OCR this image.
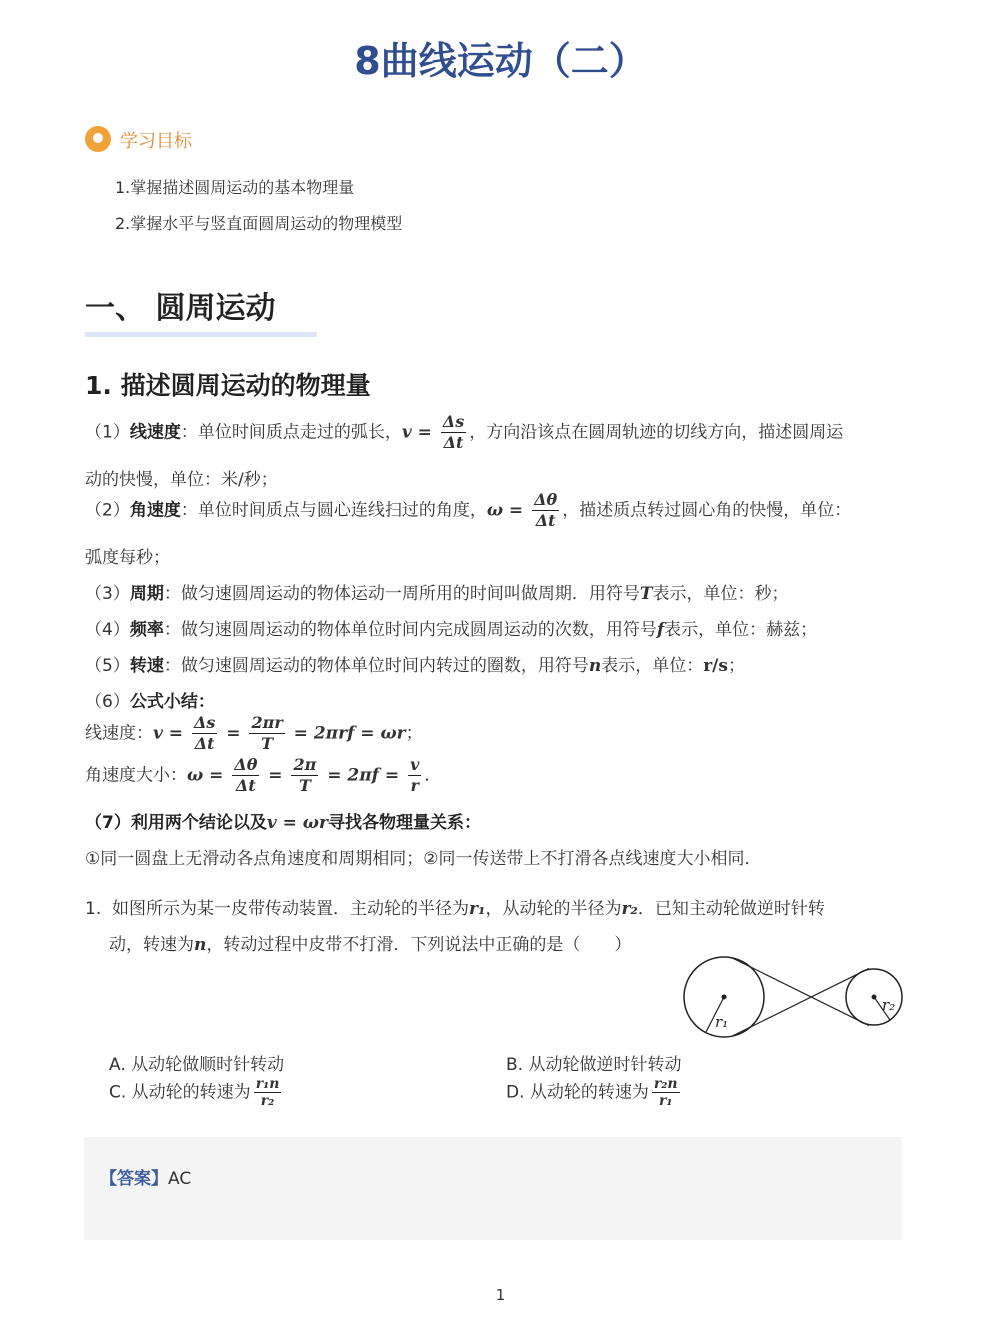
8曲线运动（二）
学习目标
1.掌握描述圆周运动的基本物理量
2.掌握水平与竖直面圆周运动的物理模型
一、 圆周运动
1. 描述圆周运动的物理量
（1）线速度：单位时间质点走过的弧长，$v = \frac{\Delta s}{\Delta t}$ ，方向沿该点在圆周轨迹的切线方向，描述圆周运
动的快慢，单位：米/秒；
（2）角速度：单位时间质点与圆心连线扫过的角度，$\omega = \frac{\Delta\theta}{\Delta t}$ ，描述质点转过圆心角的快慢，单位：
弧度每秒；
（3）周期：做匀速圆周运动的物体运动一周所用的时间叫做周期．用符号T表示，单位：秒；
（4）频率：做匀速圆周运动的物体单位时间内完成圆周运动的次数，用符号f表示，单位：赫兹；
（5）转速：做匀速圆周运动的物体单位时间内转过的圈数，用符号n表示，单位：r/s；
（6）公式小结：
线速度：$v = \frac{\Delta s}{\Delta t} = \frac{2\pi r}{T} = 2\pi rf = \omega r$；
角速度大小：$\omega = \frac{\Delta\theta}{\Delta t} = \frac{2\pi}{T} = 2\pi f = \frac{v}{r}$ ．
（7）利用两个结论以及v = ωr寻找各物理量关系：
①同一圆盘上无滑动各点角速度和周期相同；②同一传送带上不打滑各点线速度大小相同．
1. 如图所示为某一皮带传动装置．主动轮的半径为r₁，从动轮的半径为r₂．已知主动轮做逆时针转
动，转速为n，转动过程中皮带不打滑．下列说法中正确的是（　　）
r₁
r₂
A. 从动轮做顺时针转动	B. 从动轮做逆时针转动
C. 从动轮的转速为 $\frac{\text{r₁n}}{\text{r₂}}$	D. 从动轮的转速为 $\frac{\text{r₂n}}{\text{r₁}}$
【答案】AC
1
